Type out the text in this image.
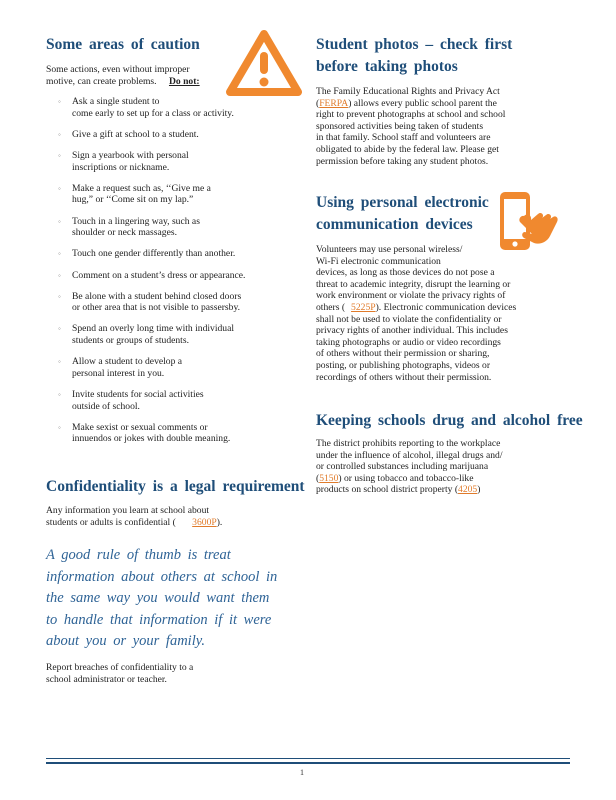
Some areas of caution
Some actions, even without improper
motive, can create problems. Do not:
◦ Ask a single student to
come early to set up for a class or activity.
◦ Give a gift at school to a student.
◦ Sign a yearbook with personal
inscriptions or nickname.
◦ Make a request such as, ‘‘Give me a
hug,” or ‘‘Come sit on my lap.”
◦ Touch in a lingering way, such as
shoulder or neck massages.
◦ Touch one gender differently than another.
◦ Comment on a student’s dress or appearance.
◦ Be alone with a student behind closed doors
or other area that is not visible to passersby.
◦ Spend an overly long time with individual
students or groups of students.
◦ Allow a student to develop a
personal interest in you.
◦ Invite students for social activities
outside of school.
◦ Make sexist or sexual comments or
innuendos or jokes with double meaning.
Confidentiality is a legal requirement
Any information you learn at school about
students or adults is confidential ( 3600P).
A good rule of thumb is treat information about others at school in the same way you would want them to handle that information if it were about you or your family.
Report breaches of confidentiality to a
school administrator or teacher.
Student photos – check first
before taking photos
The Family Educational Rights and Privacy Act
(FERPA) allows every public school parent the
right to prevent photographs at school and school
sponsored activities being taken of students
in that family. School staff and volunteers are
obligated to abide by the federal law. Please get
permission before taking any student photos.
Using personal electronic
communication devices
Volunteers may use personal wireless/
Wi-Fi electronic communication
devices, as long as those devices do not pose a
threat to academic integrity, disrupt the learning or
work environment or violate the privacy rights of
others ( 5225P). Electronic communication devices
shall not be used to violate the confidentiality or
privacy rights of another individual. This includes
taking photographs or audio or video recordings
of others without their permission or sharing,
posting, or publishing photographs, videos or
recordings of others without their permission.
Keeping schools drug and alcohol free
The district prohibits reporting to the workplace
under the influence of alcohol, illegal drugs and/
or controlled substances including marijuana
(5150) or using tobacco and tobacco-like
products on school district property (4205)
1
